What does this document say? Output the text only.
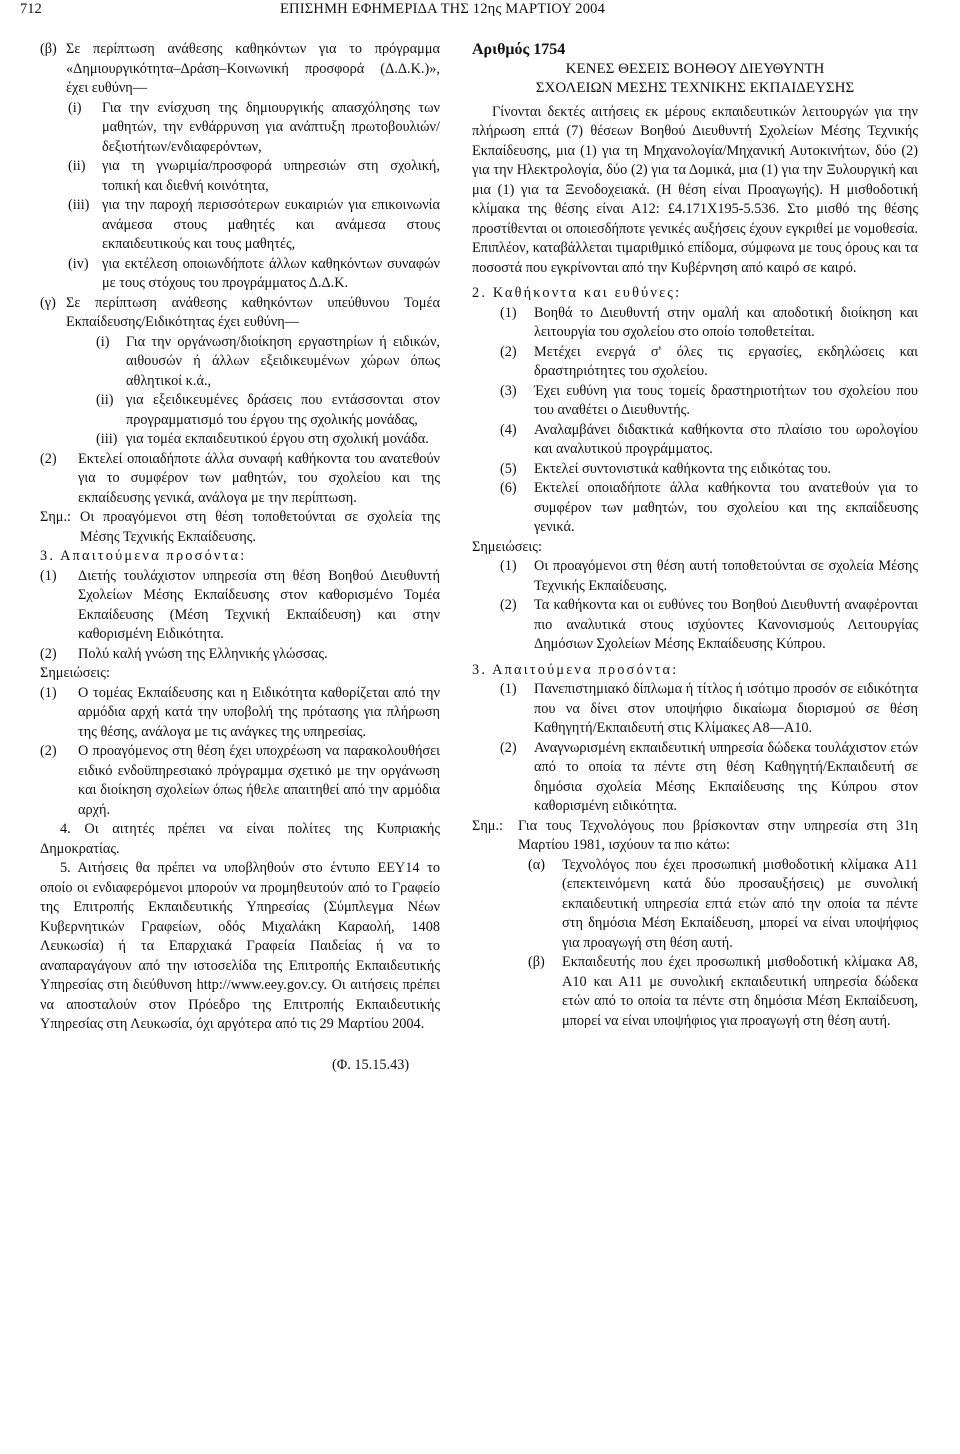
712	ΕΠΙΣΗΜΗ ΕΦΗΜΕΡΙΔΑ ΤΗΣ 12ης ΜΑΡΤΙΟΥ 2004
(β) Σε περίπτωση ανάθεσης καθηκόντων για το πρόγραμμα «Δημιουργικότητα–Δράση–Κοινωνική προσφορά (Δ.Δ.Κ.)», έχει ευθύνη—
(i)	Για την ενίσχυση της δημιουργικής απασχόλησης των μαθητών, την ενθάρρυνση για ανάπτυξη πρωτοβουλιών/δεξιοτήτων/ενδιαφερόντων,
(ii)	για τη γνωριμία/προσφορά υπηρεσιών στη σχολική, τοπική και διεθνή κοινότητα,
(iii) για την παροχή περισσότερων ευκαιριών για επικοινωνία ανάμεσα στους μαθητές και ανάμεσα στους εκπαιδευτικούς και τους μαθητές,
(iv) για εκτέλεση οποιωνδήποτε άλλων καθηκόντων συναφών με τους στόχους του προγράμματος Δ.Δ.Κ.
(γ) Σε περίπτωση ανάθεσης καθηκόντων υπεύθυνου Τομέα Εκπαίδευσης/Ειδικότητας έχει ευθύνη—
(i)	Για την οργάνωση/διοίκηση εργαστηρίων ή ειδικών, αιθουσών ή άλλων εξειδικευμένων χώρων όπως αθλητικοί κ.ά.,
(ii) για εξειδικευμένες δράσεις που εντάσσονται στον προγραμματισμό του έργου της σχολικής μονάδας,
(iii) για τομέα εκπαιδευτικού έργου στη σχολική μονάδα.
(2)	Εκτελεί οποιαδήποτε άλλα συναφή καθήκοντα του ανατεθούν για το συμφέρον των μαθητών, του σχολείου και της εκπαίδευσης γενικά, ανάλογα με την περίπτωση.
Σημ.: Οι προαγόμενοι στη θέση τοποθετούνται σε σχολεία της Μέσης Τεχνικής Εκπαίδευσης.
3. Απαιτούμενα προσόντα:
(1)	Διετής τουλάχιστον υπηρεσία στη θέση Βοηθού Διευθυντή Σχολείων Μέσης Εκπαίδευσης στον καθορισμένο Τομέα Εκπαίδευσης (Μέση Τεχνική Εκπαίδευση) και στην καθορισμένη Ειδικότητα.
(2)	Πολύ καλή γνώση της Ελληνικής γλώσσας.
Σημειώσεις:
(1)	Ο τομέας Εκπαίδευσης και η Ειδικότητα καθορίζεται από την αρμόδια αρχή κατά την υποβολή της πρότασης για πλήρωση της θέσης, ανάλογα με τις ανάγκες της υπηρεσίας.
(2)	Ο προαγόμενος στη θέση έχει υποχρέωση να παρακολουθήσει ειδικό ενδοϋπηρεσιακό πρόγραμμα σχετικό με την οργάνωση και διοίκηση σχολείων όπως ήθελε απαιτηθεί από την αρμόδια αρχή.
4. Οι αιτητές πρέπει να είναι πολίτες της Κυπριακής Δημοκρατίας.
5. Αιτήσεις θα πρέπει να υποβληθούν στο έντυπο ΕΕΥ14 το οποίο οι ενδιαφερόμενοι μπορούν να προμηθευτούν από το Γραφείο της Επιτροπής Εκπαιδευτικής Υπηρεσίας (Σύμπλεγμα Νέων Κυβερνητικών Γραφείων, οδός Μιχαλάκη Καραολή, 1408 Λευκωσία) ή τα Επαρχιακά Γραφεία Παιδείας ή να το αναπαραγάγουν από την ιστοσελίδα της Επιτροπής Εκπαιδευτικής Υπηρεσίας στη διεύθυνση http://www.eey.gov.cy. Οι αιτήσεις πρέπει να αποσταλούν στον Πρόεδρο της Επιτροπής Εκπαιδευτικής Υπηρεσίας στη Λευκωσία, όχι αργότερα από τις 29 Μαρτίου 2004.
Αριθμός 1754
ΚΕΝΕΣ ΘΕΣΕΙΣ ΒΟΗΘΟΥ ΔΙΕΥΘΥΝΤΗ
ΣΧΟΛΕΙΩΝ ΜΕΣΗΣ ΤΕΧΝΙΚΗΣ ΕΚΠΑΙΔΕΥΣΗΣ
Γίνονται δεκτές αιτήσεις εκ μέρους εκπαιδευτικών λειτουργών για την πλήρωση επτά (7) θέσεων Βοηθού Διευθυντή Σχολείων Μέσης Τεχνικής Εκπαίδευσης, μια (1) για τη Μηχανολογία/Μηχανική Αυτοκινήτων, δύο (2) για την Ηλεκτρολογία, δύο (2) για τα Δομικά, μια (1) για την Ξυλουργική και μια (1) για τα Ξενοδοχειακά. (Η θέση είναι Προαγωγής). Η μισθοδοτική κλίμακα της θέσης είναι Α12: £4.171Χ195-5.536. Στο μισθό της θέσης προστίθενται οι οποιεσδήποτε γενικές αυξήσεις έχουν εγκριθεί με νομοθεσία. Επιπλέον, καταβάλλεται τιμαριθμικό επίδομα, σύμφωνα με τους όρους και τα ποσοστά που εγκρίνονται από την Κυβέρνηση από καιρό σε καιρό.
2. Καθήκοντα και ευθύνες:
(1)	Βοηθά το Διευθυντή στην ομαλή και αποδοτική διοίκηση και λειτουργία του σχολείου στο οποίο τοποθετείται.
(2)	Μετέχει ενεργά σ' όλες τις εργασίες, εκδηλώσεις και δραστηριότητες του σχολείου.
(3)	Έχει ευθύνη για τους τομείς δραστηριοτήτων του σχολείου που του αναθέτει ο Διευθυντής.
(4)	Αναλαμβάνει διδακτικά καθήκοντα στο πλαίσιο του ωρολογίου και αναλυτικού προγράμματος.
(5)	Εκτελεί συντονιστικά καθήκοντα της ειδικότας του.
(6)	Εκτελεί οποιαδήποτε άλλα καθήκοντα του ανατεθούν για το συμφέρον των μαθητών, του σχολείου και της εκπαίδευσης γενικά.
Σημειώσεις:
(1)	Οι προαγόμενοι στη θέση αυτή τοποθετούνται σε σχολεία Μέσης Τεχνικής Εκπαίδευσης.
(2)	Τα καθήκοντα και οι ευθύνες του Βοηθού Διευθυντή αναφέρονται πιο αναλυτικά στους ισχύοντες Κανονισμούς Λειτουργίας Δημόσιων Σχολείων Μέσης Εκπαίδευσης Κύπρου.
3. Απαιτούμενα προσόντα:
(1)	Πανεπιστημιακό δίπλωμα ή τίτλος ή ισότιμο προσόν σε ειδικότητα που να δίνει στον υποψήφιο δικαίωμα διορισμού σε θέση Καθηγητή/Εκπαιδευτή στις Κλίμακες Α8—Α10.
(2)	Αναγνωρισμένη εκπαιδευτική υπηρεσία δώδεκα τουλάχιστον ετών από το οποία τα πέντε στη θέση Καθηγητή/Εκπαιδευτή σε δημόσια σχολεία Μέσης Εκπαίδευσης της Κύπρου στον καθορισμένη ειδικότητα.
Σημ.:	Για τους Τεχνολόγους που βρίσκονταν στην υπηρεσία στη 31η Μαρτίου 1981, ισχύουν τα πιο κάτω:
(α)	Τεχνολόγος που έχει προσωπική μισθοδοτική κλίμακα Α11 (επεκτεινόμενη κατά δύο προσαυξήσεις) με συνολική εκπαιδευτική υπηρεσία επτά ετών από την οποία τα πέντε στη δημόσια Μέση Εκπαίδευση, μπορεί να είναι υποψήφιος για προαγωγή στη θέση αυτή.
(β)	Εκπαιδευτής που έχει προσωπική μισθοδοτική κλίμακα Α8, Α10 και Α11 με συνολική εκπαιδευτική υπηρεσία δώδεκα ετών από το οποία τα πέντε στη δημόσια Μέση Εκπαίδευση, μπορεί να είναι υποψήφιος για προαγωγή στη θέση αυτή.
(Φ. 15.15.43)
